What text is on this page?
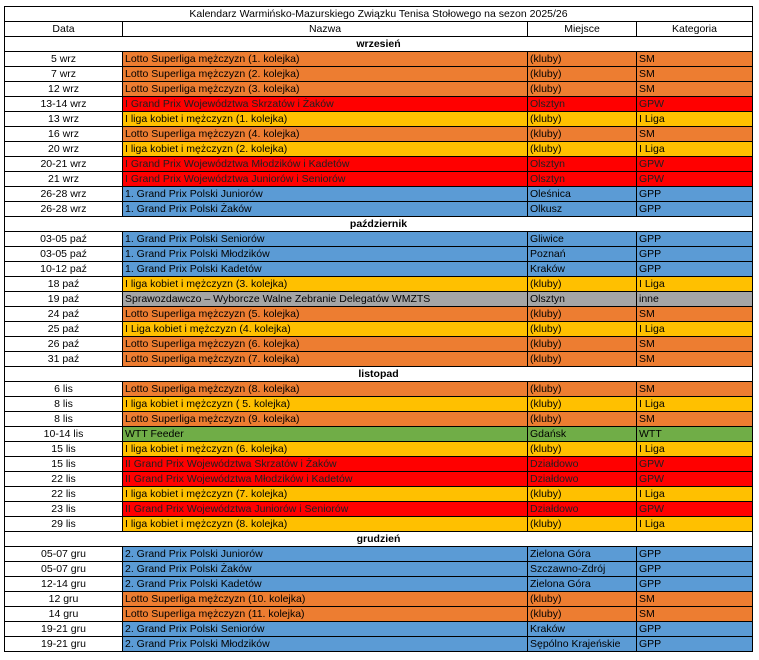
Kalendarz Warmińsko-Mazurskiego Związku Tenisa Stołowego na sezon 2025/26			
Data	Nazwa	Miejsce	Kategoria
wrzesień			
5 wrz	Lotto Superliga mężczyzn (1. kolejka)	(kluby)	SM
7 wrz	Lotto Superliga mężczyzn (2. kolejka)	(kluby)	SM
12 wrz	Lotto Superliga mężczyzn (3. kolejka)	(kluby)	SM
13-14 wrz	I Grand Prix Województwa Skrzatów i Żaków	Olsztyn	GPW
13 wrz	I liga kobiet i mężczyzn (1. kolejka)	(kluby)	I Liga
16 wrz	Lotto Superliga mężczyzn (4. kolejka)	(kluby)	SM
20 wrz	I liga kobiet i mężczyzn (2. kolejka)	(kluby)	I Liga
20-21 wrz	I Grand Prix Województwa Młodzików i Kadetów	Olsztyn	GPW
21 wrz	I Grand Prix Województwa Juniorów i Seniorów	Olsztyn	GPW
26-28 wrz	1. Grand Prix Polski Juniorów	Oleśnica	GPP
26-28 wrz	1. Grand Prix Polski Żaków	Olkusz	GPP
październik			
03-05 paź	1. Grand Prix Polski Seniorów	Gliwice	GPP
03-05 paź	1. Grand Prix Polski Młodzików	Poznań	GPP
10-12 paź	1. Grand Prix Polski Kadetów	Kraków	GPP
18 paź	I liga kobiet i mężczyzn (3. kolejka)	(kluby)	I Liga
19 paź	Sprawozdawczo – Wyborcze Walne Zebranie Delegatów WMZTS	Olsztyn	inne
24 paź	Lotto Superliga mężczyzn (5. kolejka)	(kluby)	SM
25 paź	I Liga kobiet i mężczyzn (4. kolejka)	(kluby)	I Liga
26 paź	Lotto Superliga mężczyzn (6. kolejka)	(kluby)	SM
31 paź	Lotto Superliga mężczyzn (7. kolejka)	(kluby)	SM
listopad			
6 lis	Lotto Superliga mężczyzn (8. kolejka)	(kluby)	SM
8 lis	I liga kobiet i mężczyzn ( 5. kolejka)	(kluby)	I Liga
8 lis	Lotto Superliga mężczyzn (9. kolejka)	(kluby)	SM
10-14 lis	WTT Feeder	Gdańsk	WTT
15 lis	I liga kobiet i mężczyzn (6. kolejka)	(kluby)	I Liga
15 lis	II Grand Prix Województwa Skrzatów i Żaków	Działdowo	GPW
22 lis	II Grand Prix Województwa Młodzików i Kadetów	Działdowo	GPW
22 lis	I liga kobiet i mężczyzn (7. kolejka)	(kluby)	I Liga
23 lis	II Grand Prix Województwa Juniorów i Seniorów	Działdowo	GPW
29 lis	I liga kobiet i mężczyzn (8. kolejka)	(kluby)	I Liga
grudzień			
05-07 gru	2. Grand Prix Polski Juniorów	Zielona Góra	GPP
05-07 gru	2. Grand Prix Polski Żaków	Szczawno-Zdrój	GPP
12-14 gru	2. Grand Prix Polski Kadetów	Zielona Góra	GPP
12 gru	Lotto Superliga mężczyzn (10. kolejka)	(kluby)	SM
14 gru	Lotto Superliga mężczyzn (11. kolejka)	(kluby)	SM
19-21 gru	2. Grand Prix Polski Seniorów	Kraków	GPP
19-21 gru	2. Grand Prix Polski Młodzików	Sępólno Krajeńskie	GPP
